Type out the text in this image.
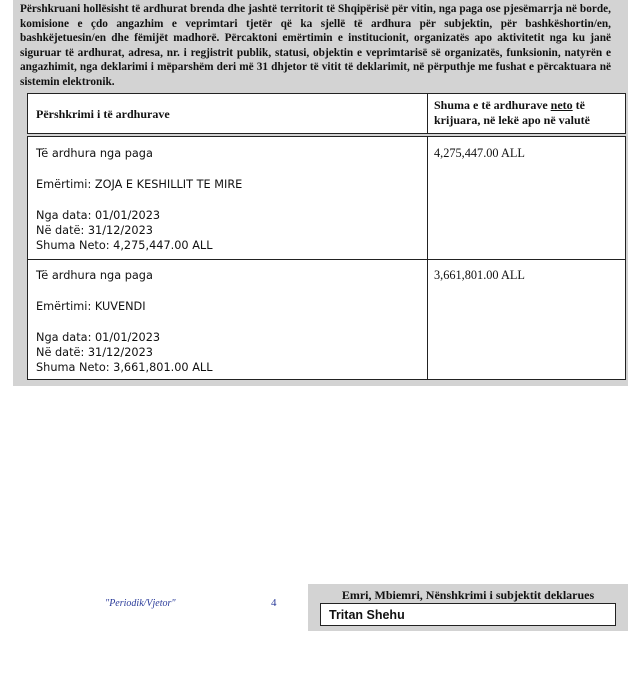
Përshkruani hollësisht të ardhurat brenda dhe jashtë territorit të Shqipërisë për vitin, nga paga ose pjesëmarrja në borde, komisione e çdo angazhim e veprimtari tjetër që ka sjellë të ardhura për subjektin, për bashkëshortin/en, bashkëjetuesin/en dhe fëmijët madhorë. Përcaktoni emërtimin e institucionit, organizatës apo aktivitetit nga ku janë siguruar të ardhurat, adresa, nr. i regjistrit publik, statusi, objektin e veprimtarisë së organizatës, funksionin, natyrën e angazhimit, nga deklarimi i mëparshëm deri më 31 dhjetor të vitit të deklarimit, në përputhje me fushat e përcaktuara në sistemin elektronik.
Përshkrimi i të ardhurave
Shuma e të ardhurave neto të krijuara, në lekë apo në valutë
Të ardhura nga paga
Emërtimi: ZOJA E KESHILLIT TE MIRE
Nga data: 01/01/2023
Në datë: 31/12/2023
Shuma Neto: 4,275,447.00 ALL
4,275,447.00 ALL
Të ardhura nga paga
Emërtimi: KUVENDI
Nga data: 01/01/2023
Në datë: 31/12/2023
Shuma Neto: 3,661,801.00 ALL
3,661,801.00 ALL
"Periodik/Vjetor"	4
Emri, Mbiemri, Nënshkrimi i subjektit deklarues
Tritan Shehu
